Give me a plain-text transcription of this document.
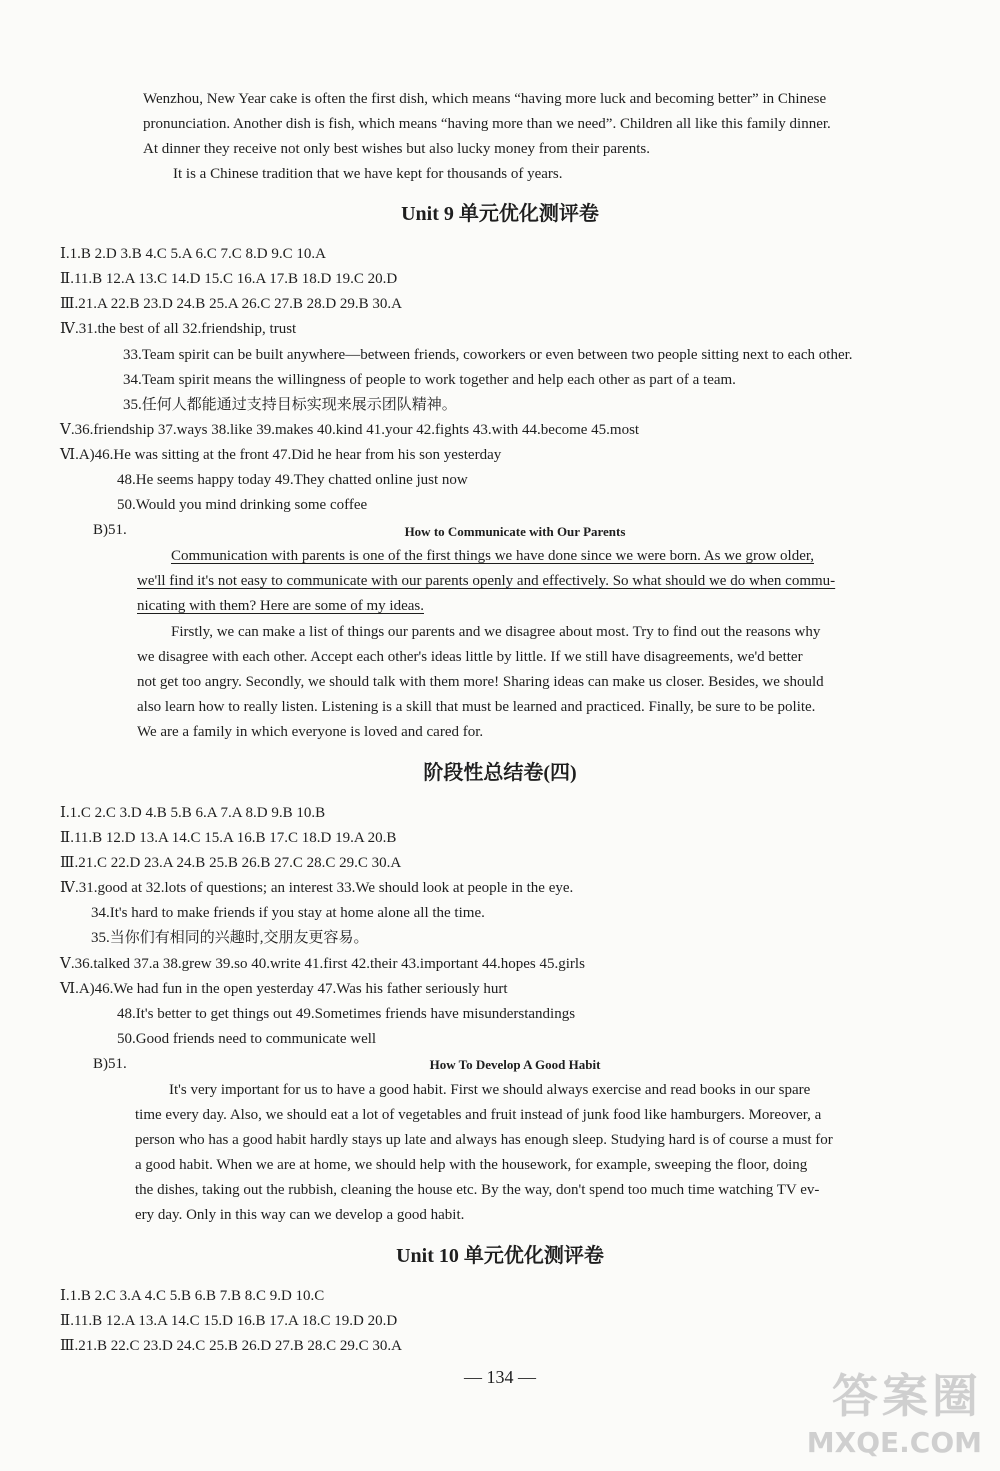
Wenzhou, New Year cake is often the first dish, which means “having more luck and becoming better” in Chinese
pronunciation. Another dish is fish, which means “having more than we need”. Children all like this family dinner.
At dinner they receive not only best wishes but also lucky money from their parents.
It is a Chinese tradition that we have kept for thousands of years.
Unit 9 单元优化测评卷
Ⅰ.1.B 2.D 3.B 4.C 5.A 6.C 7.C 8.D 9.C 10.A
Ⅱ.11.B 12.A 13.C 14.D 15.C 16.A 17.B 18.D 19.C 20.D
Ⅲ.21.A 22.B 23.D 24.B 25.A 26.C 27.B 28.D 29.B 30.A
Ⅳ.31.the best of all 32.friendship, trust
33.Team spirit can be built anywhere—between friends, coworkers or even between two people sitting next to each other.
34.Team spirit means the willingness of people to work together and help each other as part of a team.
35.任何人都能通过支持目标实现来展示团队精神。
Ⅴ.36.friendship 37.ways 38.like 39.makes 40.kind 41.your 42.fights 43.with 44.become 45.most
Ⅵ.A)46.He was sitting at the front 47.Did he hear from his son yesterday
48.He seems happy today 49.They chatted online just now
50.Would you mind drinking some coffee
B)51.	How to Communicate with Our Parents
Communication with parents is one of the first things we have done since we were born. As we grow older,
we'll find it's not easy to communicate with our parents openly and effectively. So what should we do when commu-
nicating with them? Here are some of my ideas.
Firstly, we can make a list of things our parents and we disagree about most. Try to find out the reasons why
we disagree with each other. Accept each other's ideas little by little. If we still have disagreements, we'd better
not get too angry. Secondly, we should talk with them more! Sharing ideas can make us closer. Besides, we should
also learn how to really listen. Listening is a skill that must be learned and practiced. Finally, be sure to be polite.
We are a family in which everyone is loved and cared for.
阶段性总结卷(四)
Ⅰ.1.C 2.C 3.D 4.B 5.B 6.A 7.A 8.D 9.B 10.B
Ⅱ.11.B 12.D 13.A 14.C 15.A 16.B 17.C 18.D 19.A 20.B
Ⅲ.21.C 22.D 23.A 24.B 25.B 26.B 27.C 28.C 29.C 30.A
Ⅳ.31.good at 32.lots of questions; an interest 33.We should look at people in the eye.
34.It's hard to make friends if you stay at home alone all the time.
35.当你们有相同的兴趣时,交朋友更容易。
Ⅴ.36.talked 37.a 38.grew 39.so 40.write 41.first 42.their 43.important 44.hopes 45.girls
Ⅵ.A)46.We had fun in the open yesterday 47.Was his father seriously hurt
48.It's better to get things out 49.Sometimes friends have misunderstandings
50.Good friends need to communicate well
B)51.	How To Develop A Good Habit
It's very important for us to have a good habit. First we should always exercise and read books in our spare
time every day. Also, we should eat a lot of vegetables and fruit instead of junk food like hamburgers. Moreover, a
person who has a good habit hardly stays up late and always has enough sleep. Studying hard is of course a must for
a good habit. When we are at home, we should help with the housework, for example, sweeping the floor, doing
the dishes, taking out the rubbish, cleaning the house etc. By the way, don't spend too much time watching TV ev-
ery day. Only in this way can we develop a good habit.
Unit 10 单元优化测评卷
Ⅰ.1.B 2.C 3.A 4.C 5.B 6.B 7.B 8.C 9.D 10.C
Ⅱ.11.B 12.A 13.A 14.C 15.D 16.B 17.A 18.C 19.D 20.D
Ⅲ.21.B 22.C 23.D 24.C 25.B 26.D 27.B 28.C 29.C 30.A
— 134 —	答案圈
MXQE.COM
